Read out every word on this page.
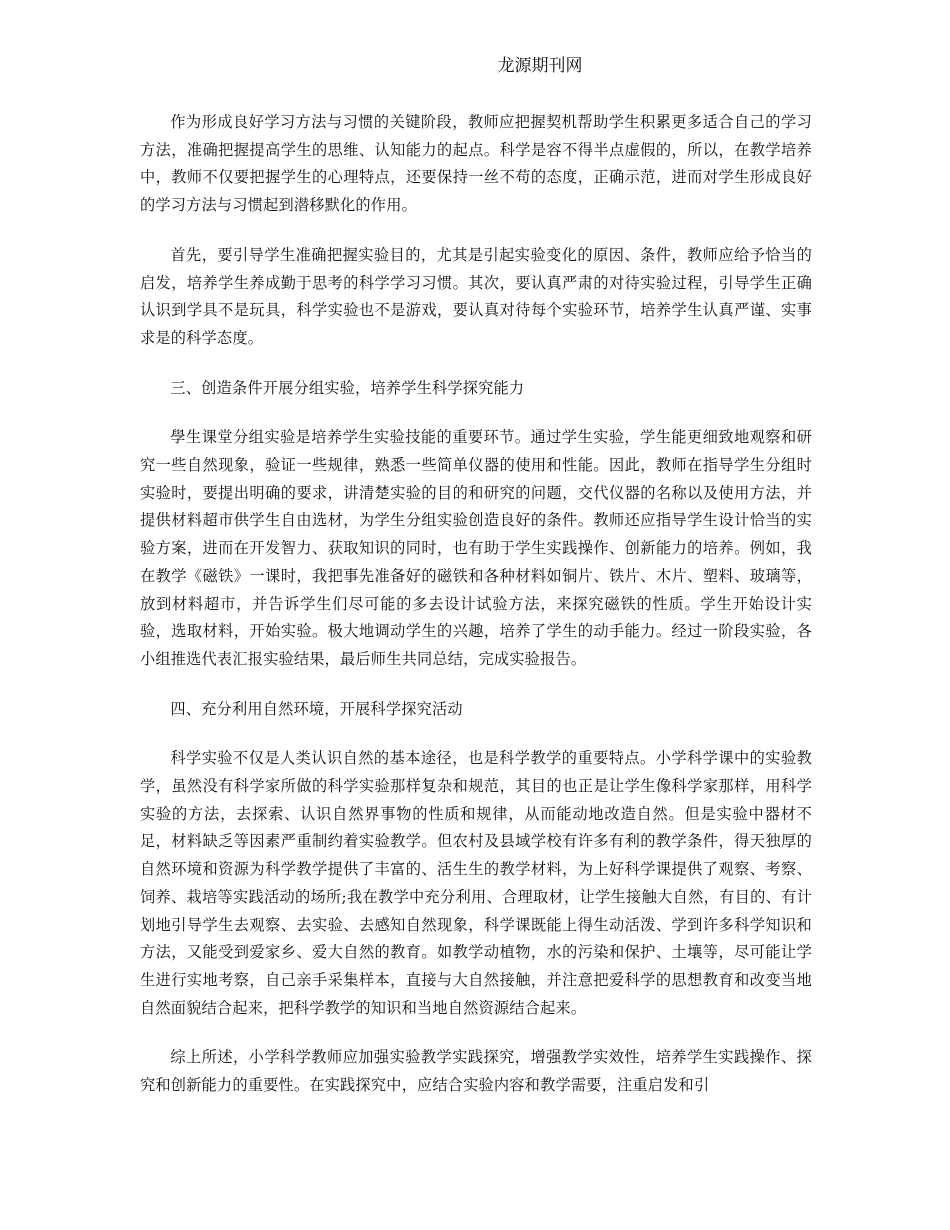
龙源期刊网

作为形成良好学习方法与习惯的关键阶段，教师应把握契机帮助学生积累更多适合自己的学习方法，准确把握提高学生的思维、认知能力的起点。科学是容不得半点虚假的，所以，在教学培养中，教师不仅要把握学生的心理特点，还要保持一丝不苟的态度，正确示范，进而对学生形成良好的学习方法与习惯起到潜移默化的作用。

首先，要引导学生准确把握实验目的，尤其是引起实验变化的原因、条件，教师应给予恰当的启发，培养学生养成勤于思考的科学学习习惯。其次，要认真严肃的对待实验过程，引导学生正确认识到学具不是玩具，科学实验也不是游戏，要认真对待每个实验环节，培养学生认真严谨、实事求是的科学态度。

三、创造条件开展分组实验，培养学生科学探究能力

學生课堂分组实验是培养学生实验技能的重要环节。通过学生实验，学生能更细致地观察和研究一些自然现象，验证一些规律，熟悉一些简单仪器的使用和性能。因此，教师在指导学生分组时实验时，要提出明确的要求，讲清楚实验的目的和研究的问题，交代仪器的名称以及使用方法，并提供材料超市供学生自由选材，为学生分组实验创造良好的条件。教师还应指导学生设计恰当的实验方案，进而在开发智力、获取知识的同时，也有助于学生实践操作、创新能力的培养。例如，我在教学《磁铁》一课时，我把事先准备好的磁铁和各种材料如铜片、铁片、木片、塑料、玻璃等，放到材料超市，并告诉学生们尽可能的多去设计试验方法，来探究磁铁的性质。学生开始设计实验，选取材料，开始实验。极大地调动学生的兴趣，培养了学生的动手能力。经过一阶段实验，各小组推选代表汇报实验结果，最后师生共同总结，完成实验报告。

四、充分利用自然环境，开展科学探究活动

科学实验不仅是人类认识自然的基本途径，也是科学教学的重要特点。小学科学课中的实验教学，虽然没有科学家所做的科学实验那样复杂和规范，其目的也正是让学生像科学家那样，用科学实验的方法，去探索、认识自然界事物的性质和规律，从而能动地改造自然。但是实验中器材不足，材料缺乏等因素严重制约着实验教学。但农村及县域学校有许多有利的教学条件，得天独厚的自然环境和资源为科学教学提供了丰富的、活生生的教学材料，为上好科学课提供了观察、考察、饲养、栽培等实践活动的场所;我在教学中充分利用、合理取材，让学生接触大自然，有目的、有计划地引导学生去观察、去实验、去感知自然现象，科学课既能上得生动活泼、学到许多科学知识和方法，又能受到爱家乡、爱大自然的教育。如教学动植物，水的污染和保护、土壤等，尽可能让学生进行实地考察，自己亲手采集样本，直接与大自然接触，并注意把爱科学的思想教育和改变当地自然面貌结合起来，把科学教学的知识和当地自然资源结合起来。

综上所述，小学科学教师应加强实验教学实践探究，增强教学实效性，培养学生实践操作、探究和创新能力的重要性。在实践探究中，应结合实验内容和教学需要，注重启发和引
